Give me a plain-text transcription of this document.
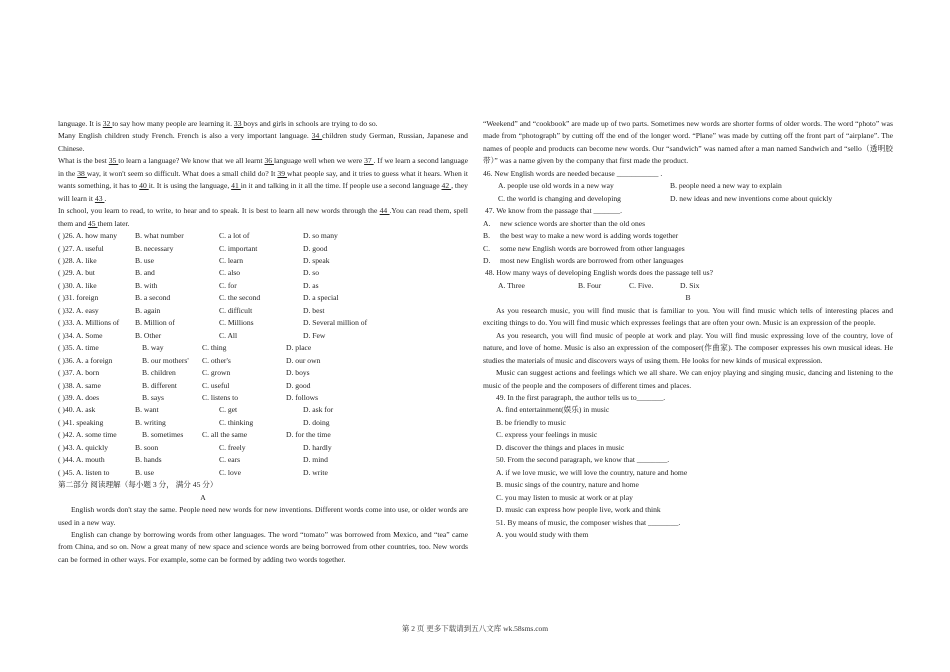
language. It is 32 to say how many people are learning it. 33 boys and girls in schools are trying to do so.

Many English children study French. French is also a very important language. 34 children study German, Russian, Japanese and Chinese.

What is the best 35 to learn a language? We know that we all learnt 36 language well when we were 37 . If we learn a second language in the 38 way, it won't seem so difficult. What does a small child do? It 39 what people say, and it tries to guess what it hears. When it wants something, it has to 40 it. It is using the language, 41 in it and talking in it all the time. If people use a second language 42 , they will learn it 43 .

In school, you learn to read, to write, to hear and to speak. It is best to learn all new words through the 44 .You can read them, spell them and 45 them later.

( )26. A. how many	B. what number	C. a lot of	D. so many
( )27. A. useful	B. necessary	C. important	D. good
( )28. A. like	B. use	C. learn	D. speak
( )29. A. but	B. and	C. also	D. so
( )30. A. like	B. with	C. for	D. as
( )31. foreign	B. a second	C. the second	D. a special
( )32. A. easy	B. again	C. difficult	D. best
( )33. A. Millions of	B. Million of	C. Millions	D. Several million of
( )34. A. Some	B. Other	C. All	D. Few
( )35. A. time	B. way	C. thing	D. place
( )36. A. a foreign	B. our mothers'	C. other's	D. our own
( )37. A. born	B. children	C. grown	D. boys
( )38. A. same	B. different	C. useful	D. good
( )39. A. does	B. says	C. listens to	D. follows
( )40. A. ask	B. want	C. get	D. ask for
( )41. speaking	B. writing	C. thinking	D. doing
( )42. A. some time	B. sometimes	C. all the same	D. for the time
( )43. A. quickly	B. soon	C. freely	D. hardly
( )44. A. mouth	B. hands	C. ears	D. mind
( )45. A. listen to	B. use	C. love	D. write

第二部分 阅读理解（每小题 3 分， 满分 45 分）

A

English words don't stay the same. People need new words for new inventions. Different words come into use, or older words are used in a new way.

English can change by borrowing words from other languages. The word “tomato” was borrowed from Mexico, and “tea” came from China, and so on. Now a great many of new space and science words are being borrowed from other countries, too. New words can be formed in other ways. For example, some can be formed by adding two words together.

“Weekend” and “cookbook” are made up of two parts. Sometimes new words are shorter forms of older words. The word “photo” was made from “photograph” by cutting off the end of the longer word. “Plane” was made by cutting off the front part of “airplane”. The names of people and products can become new words. Our “sandwich” was named after a man named Sandwich and “sello（透明胶带）” was a name given by the company that first made the product.

46. New English words are needed because ___________ .

A. people use old words in a new way	B. people need a new way to explain
C. the world is changing and developing	D. new ideas and new inventions come about quickly

47. We know from the passage that _______.

A.	new science words are shorter than the old ones
B.	the best way to make a new word is adding words together
C.	some new English words are borrowed from other languages
D.	most new English words are borrowed from other languages

48. How many ways of developing English words does the passage tell us?

A. Three	B. Four	C. Five.	D. Six

B

As you research music, you will find music that is familiar to you. You will find music which tells of interesting places and exciting things to do. You will find music which expresses feelings that are often your own. Music is an expression of the people.

As you research, you will find music of people at work and play. You will find music expressing love of the country, love of nature, and love of home. Music is also an expression of the composer(作曲家). The composer expresses his own musical ideas. He studies the materials of music and discovers ways of using them. He looks for new kinds of musical expression.

Music can suggest actions and feelings which we all share. We can enjoy playing and singing music, dancing and listening to the music of the people and the composers of different times and places.

49. In the first paragraph, the author tells us to_______.

A. find entertainment(娱乐) in music

B. be friendly to music

C. express your feelings in music

D. discover the things and places in music

50. From the second paragraph, we know that ________.

A. if we love music, we will love the country, nature and home

B. music sings of the country, nature and home

C. you may listen to music at work or at play

D. music can express how people live, work and think

51. By means of music, the composer wishes that ________.

A. you would study with them

第 2 页 更多下载请到五八文库 wk.58sms.com
